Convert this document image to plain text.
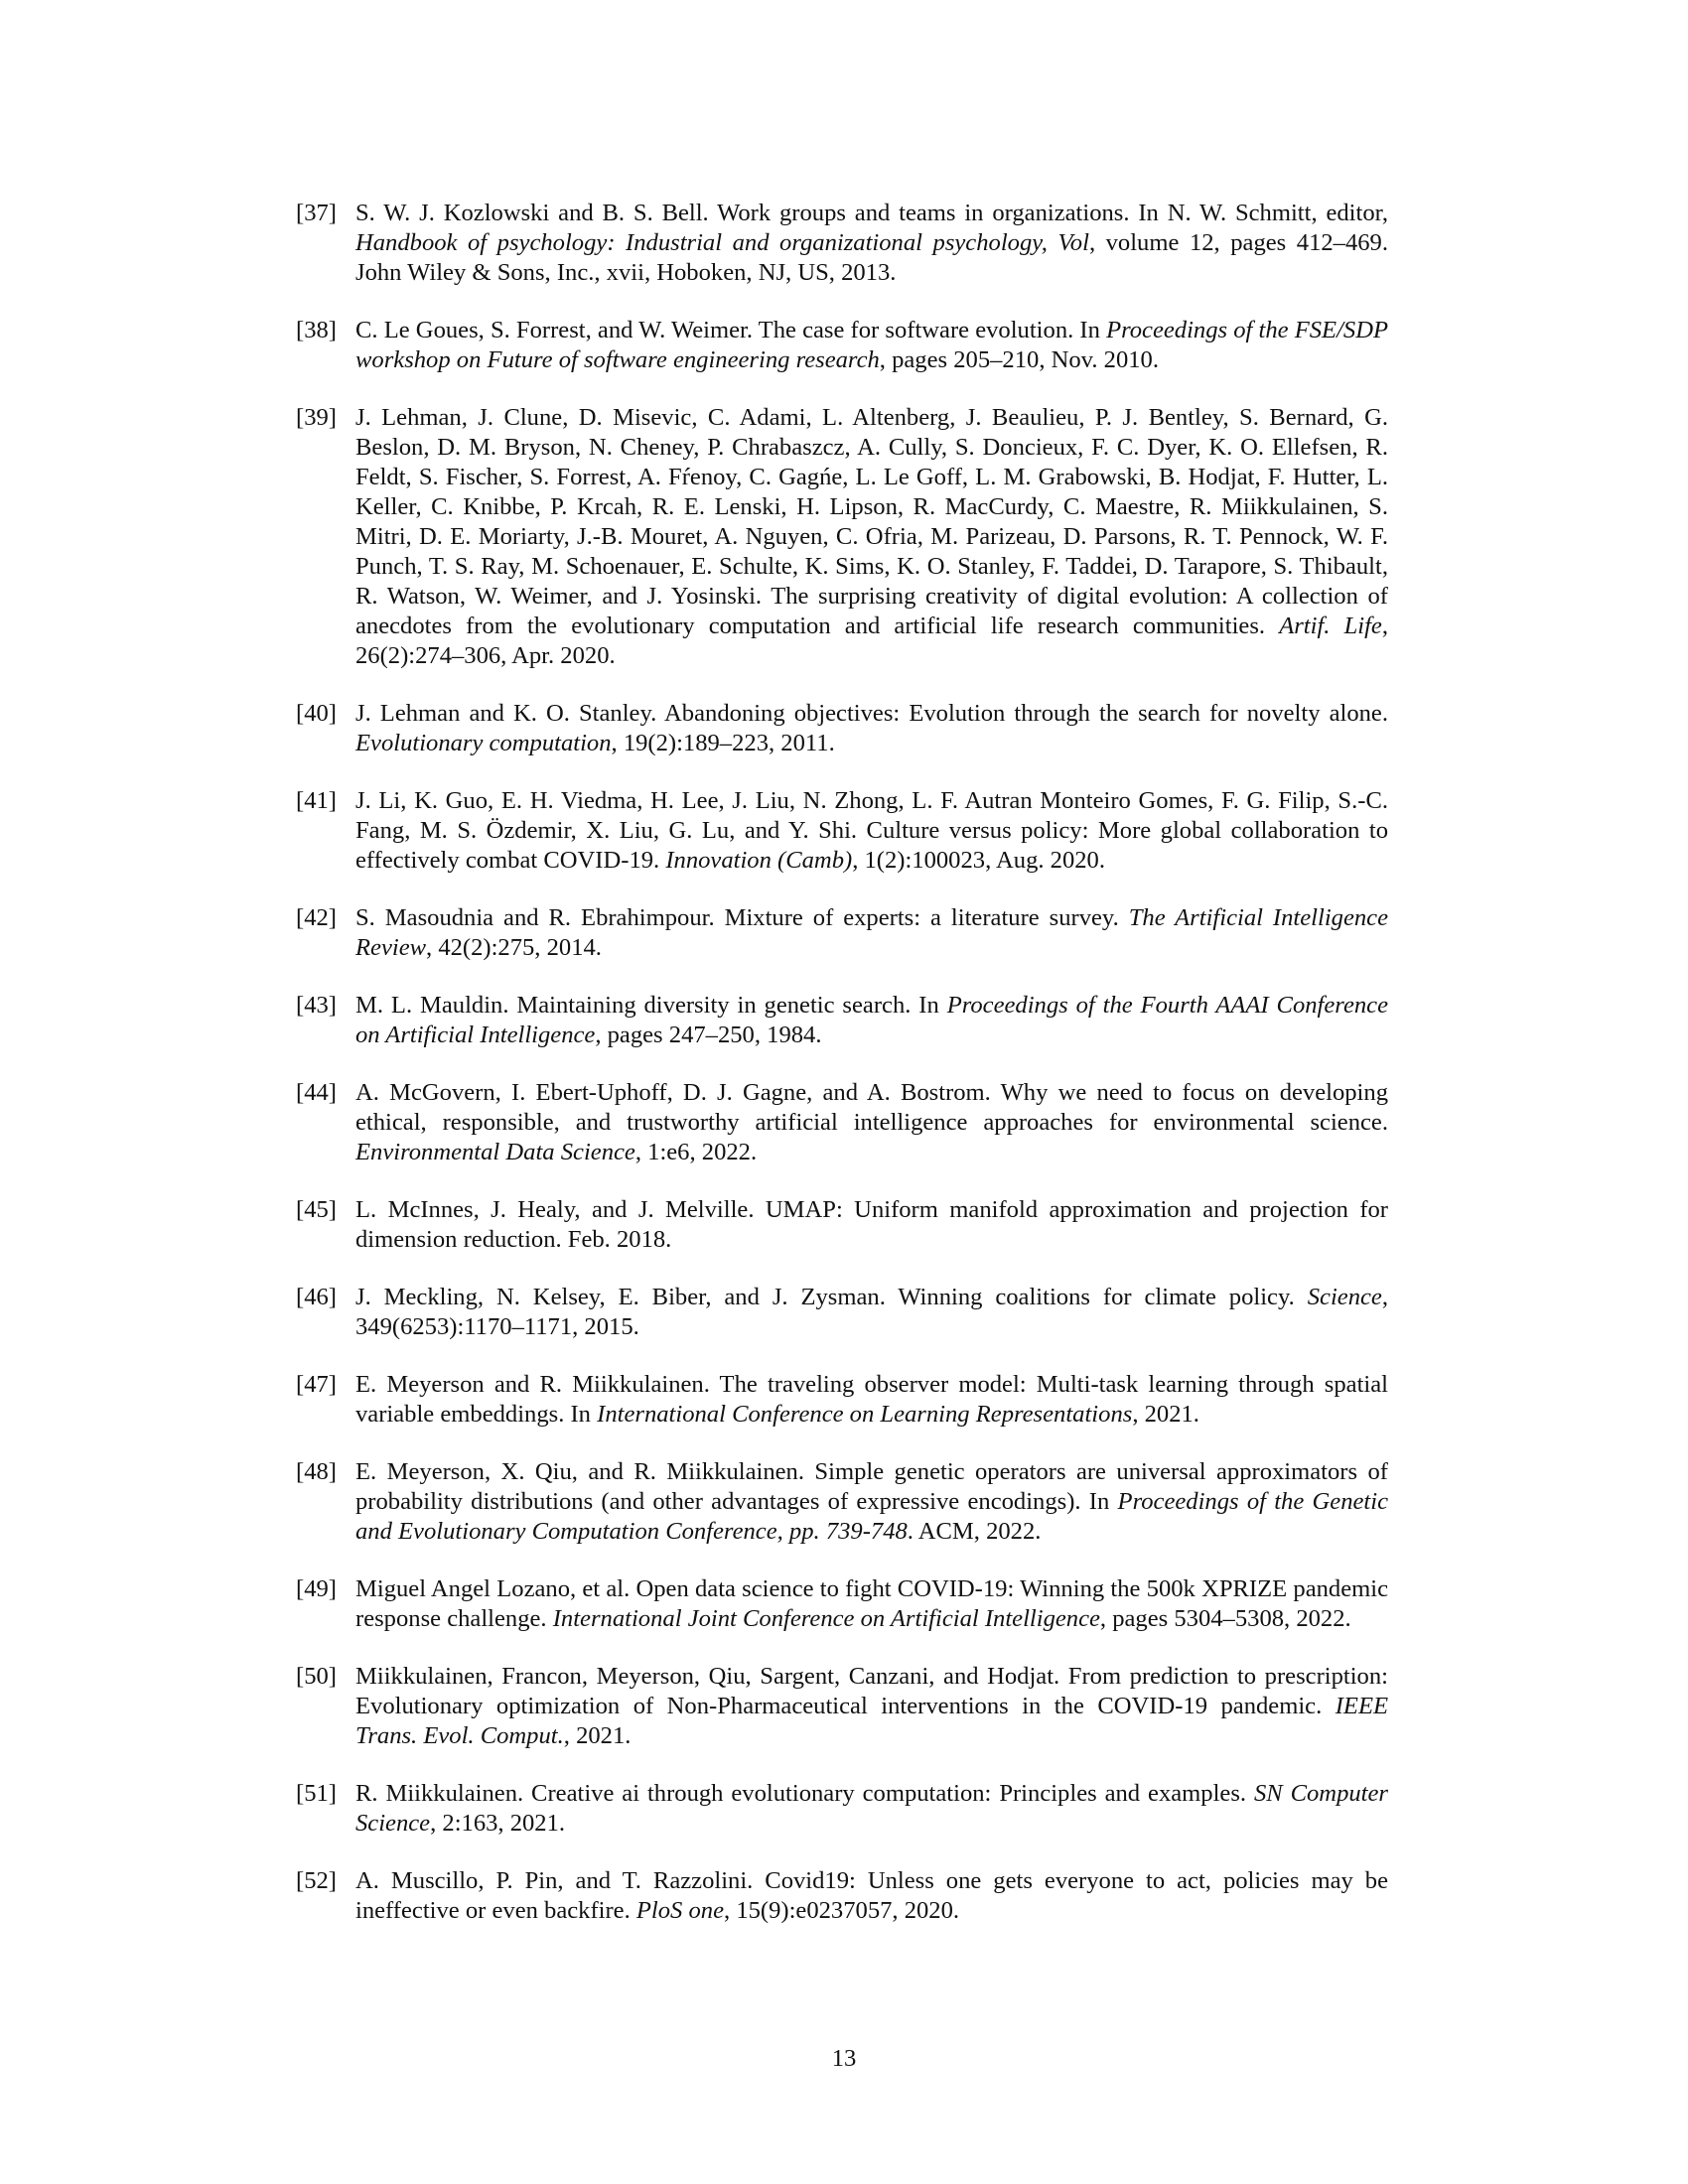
[37] S. W. J. Kozlowski and B. S. Bell. Work groups and teams in organizations. In N. W. Schmitt, editor, Handbook of psychology: Industrial and organizational psychology, Vol, volume 12, pages 412–469. John Wiley & Sons, Inc., xvii, Hoboken, NJ, US, 2013.
[38] C. Le Goues, S. Forrest, and W. Weimer. The case for software evolution. In Proceedings of the FSE/SDP workshop on Future of software engineering research, pages 205–210, Nov. 2010.
[39] J. Lehman, J. Clune, D. Misevic, C. Adami, L. Altenberg, J. Beaulieu, P. J. Bentley, S. Bernard, G. Beslon, D. M. Bryson, N. Cheney, P. Chrabaszcz, A. Cully, S. Doncieux, F. C. Dyer, K. O. Ellefsen, R. Feldt, S. Fischer, S. Forrest, A. Fŕenoy, C. Gagńe, L. Le Goff, L. M. Grabowski, B. Hodjat, F. Hutter, L. Keller, C. Knibbe, P. Krcah, R. E. Lenski, H. Lipson, R. MacCurdy, C. Maestre, R. Miikkulainen, S. Mitri, D. E. Moriarty, J.-B. Mouret, A. Nguyen, C. Ofria, M. Parizeau, D. Parsons, R. T. Pennock, W. F. Punch, T. S. Ray, M. Schoenauer, E. Schulte, K. Sims, K. O. Stanley, F. Taddei, D. Tarapore, S. Thibault, R. Watson, W. Weimer, and J. Yosinski. The surprising creativity of digital evolution: A collection of anecdotes from the evolutionary computation and artificial life research communities. Artif. Life, 26(2):274–306, Apr. 2020.
[40] J. Lehman and K. O. Stanley. Abandoning objectives: Evolution through the search for novelty alone. Evolutionary computation, 19(2):189–223, 2011.
[41] J. Li, K. Guo, E. H. Viedma, H. Lee, J. Liu, N. Zhong, L. F. Autran Monteiro Gomes, F. G. Filip, S.-C. Fang, M. S. Özdemir, X. Liu, G. Lu, and Y. Shi. Culture versus policy: More global collaboration to effectively combat COVID-19. Innovation (Camb), 1(2):100023, Aug. 2020.
[42] S. Masoudnia and R. Ebrahimpour. Mixture of experts: a literature survey. The Artificial Intelligence Review, 42(2):275, 2014.
[43] M. L. Mauldin. Maintaining diversity in genetic search. In Proceedings of the Fourth AAAI Conference on Artificial Intelligence, pages 247–250, 1984.
[44] A. McGovern, I. Ebert-Uphoff, D. J. Gagne, and A. Bostrom. Why we need to focus on developing ethical, responsible, and trustworthy artificial intelligence approaches for environmental science. Environmental Data Science, 1:e6, 2022.
[45] L. McInnes, J. Healy, and J. Melville. UMAP: Uniform manifold approximation and projection for dimension reduction. Feb. 2018.
[46] J. Meckling, N. Kelsey, E. Biber, and J. Zysman. Winning coalitions for climate policy. Science, 349(6253):1170–1171, 2015.
[47] E. Meyerson and R. Miikkulainen. The traveling observer model: Multi-task learning through spatial variable embeddings. In International Conference on Learning Representations, 2021.
[48] E. Meyerson, X. Qiu, and R. Miikkulainen. Simple genetic operators are universal approximators of probability distributions (and other advantages of expressive encodings). In Proceedings of the Genetic and Evolutionary Computation Conference, pp. 739-748. ACM, 2022.
[49] Miguel Angel Lozano, et al. Open data science to fight COVID-19: Winning the 500k XPRIZE pandemic response challenge. International Joint Conference on Artificial Intelligence, pages 5304–5308, 2022.
[50] Miikkulainen, Francon, Meyerson, Qiu, Sargent, Canzani, and Hodjat. From prediction to prescription: Evolutionary optimization of Non-Pharmaceutical interventions in the COVID-19 pandemic. IEEE Trans. Evol. Comput., 2021.
[51] R. Miikkulainen. Creative ai through evolutionary computation: Principles and examples. SN Computer Science, 2:163, 2021.
[52] A. Muscillo, P. Pin, and T. Razzolini. Covid19: Unless one gets everyone to act, policies may be ineffective or even backfire. PloS one, 15(9):e0237057, 2020.
13
